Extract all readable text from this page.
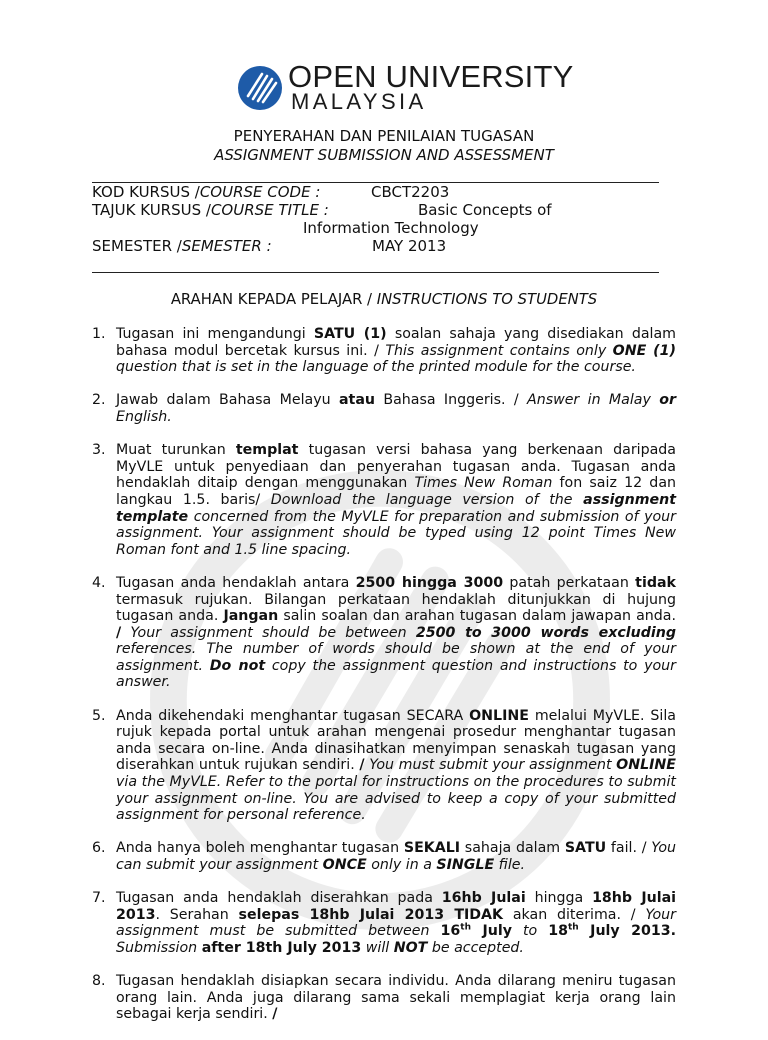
OPEN UNIVERSITY
MALAYSIA
PENYERAHAN DAN PENILAIAN TUGASAN
ASSIGNMENT SUBMISSION AND ASSESSMENT
KOD KURSUS /COURSE CODE :	CBCT2203
TAJUK KURSUS /COURSE TITLE :	Basic Concepts of
Information Technology
SEMESTER /SEMESTER :	MAY 2013
ARAHAN KEPADA PELAJAR / INSTRUCTIONS TO STUDENTS
1. Tugasan ini mengandungi SATU (1) soalan sahaja yang disediakan dalam bahasa modul bercetak kursus ini. / This assignment contains only ONE (1) question that is set in the language of the printed module for the course.
2. Jawab dalam Bahasa Melayu atau Bahasa Inggeris. / Answer in Malay or English.
3. Muat turunkan templat tugasan versi bahasa yang berkenaan daripada MyVLE untuk penyediaan dan penyerahan tugasan anda. Tugasan anda hendaklah ditaip dengan menggunakan Times New Roman fon saiz 12 dan langkau 1.5. baris/ Download the language version of the assignment template concerned from the MyVLE for preparation and submission of your assignment. Your assignment should be typed using 12 point Times New Roman font and 1.5 line spacing.
4. Tugasan anda hendaklah antara 2500 hingga 3000 patah perkataan tidak termasuk rujukan. Bilangan perkataan hendaklah ditunjukkan di hujung tugasan anda. Jangan salin soalan dan arahan tugasan dalam jawapan anda. / Your assignment should be between 2500 to 3000 words excluding references. The number of words should be shown at the end of your assignment. Do not copy the assignment question and instructions to your answer.
5. Anda dikehendaki menghantar tugasan SECARA ONLINE melalui MyVLE. Sila rujuk kepada portal untuk arahan mengenai prosedur menghantar tugasan anda secara on-line. Anda dinasihatkan menyimpan senaskah tugasan yang diserahkan untuk rujukan sendiri. / You must submit your assignment ONLINE via the MyVLE. Refer to the portal for instructions on the procedures to submit your assignment on-line. You are advised to keep a copy of your submitted assignment for personal reference.
6. Anda hanya boleh menghantar tugasan SEKALI sahaja dalam SATU fail. / You can submit your assignment ONCE only in a SINGLE file.
7. Tugasan anda hendaklah diserahkan pada 16hb Julai hingga 18hb Julai 2013. Serahan selepas 18hb Julai 2013 TIDAK akan diterima. / Your assignment must be submitted between 16th July to 18th July 2013. Submission after 18th July 2013 will NOT be accepted.
8. Tugasan hendaklah disiapkan secara individu. Anda dilarang meniru tugasan orang lain. Anda juga dilarang sama sekali memplagiat kerja orang lain sebagai kerja sendiri. /
